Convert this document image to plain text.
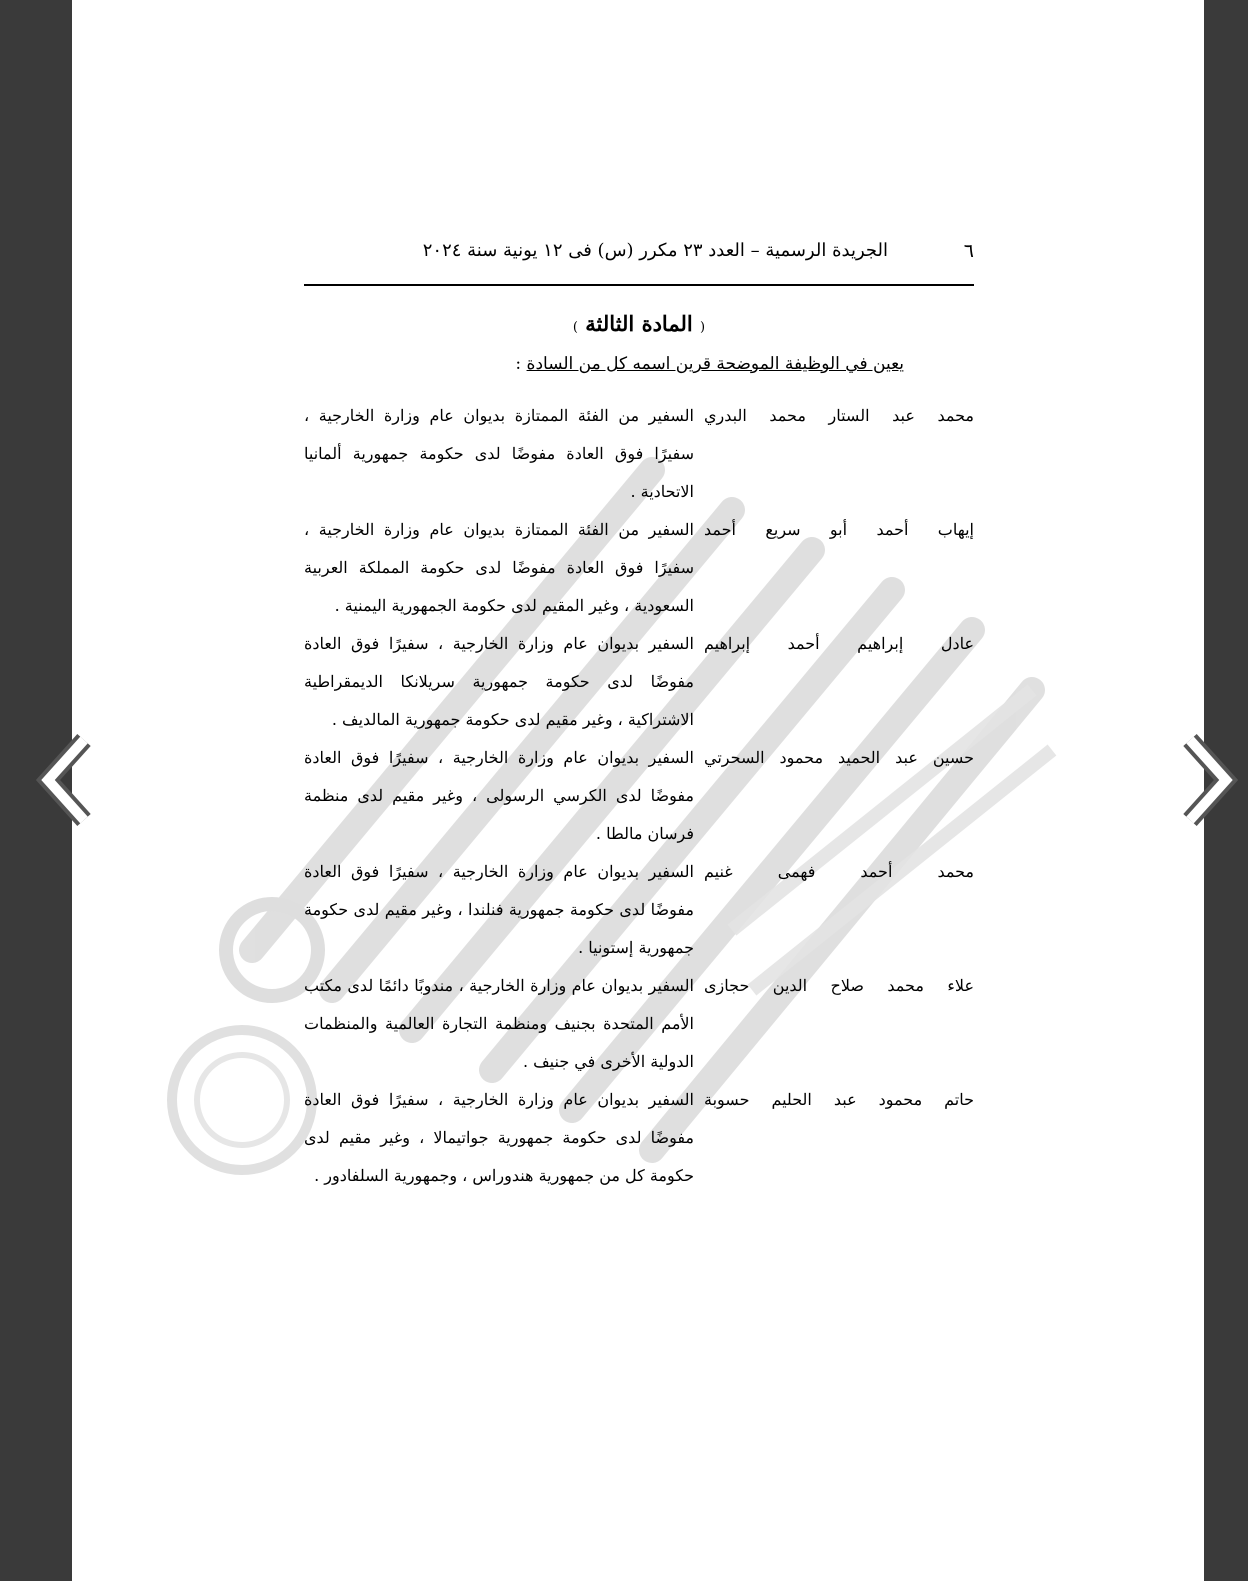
٦
الجريدة الرسمية – العدد ٢٣ مكرر (س) فى ١٢ يونية سنة ٢٠٢٤
( المادة الثالثة )
يعين في الوظيفة الموضحة قرين اسمه كل من السادة :
محمد عبد الستار محمد البدري
السفير من الفئة الممتازة بديوان عام وزارة الخارجية ، سفيرًا فوق العادة مفوضًا لدى حكومة جمهورية ألمانيا الاتحادية .
إيهاب أحمد أبو سريع أحمد
السفير من الفئة الممتازة بديوان عام وزارة الخارجية ، سفيرًا فوق العادة مفوضًا لدى حكومة المملكة العربية السعودية ، وغير المقيم لدى حكومة الجمهورية اليمنية .
عادل إبراهيم أحمد إبراهيم
السفير بديوان عام وزارة الخارجية ، سفيرًا فوق العادة مفوضًا لدى حكومة جمهورية سريلانكا الديمقراطية الاشتراكية ، وغير مقيم لدى حكومة جمهورية المالديف .
حسين عبد الحميد محمود السحرتي
السفير بديوان عام وزارة الخارجية ، سفيرًا فوق العادة مفوضًا لدى الكرسي الرسولى ، وغير مقيم لدى منظمة فرسان مالطا .
محمد أحمد فهمى غنيم
السفير بديوان عام وزارة الخارجية ، سفيرًا فوق العادة مفوضًا لدى حكومة جمهورية فنلندا ، وغير مقيم لدى حكومة جمهورية إستونيا .
علاء محمد صلاح الدين حجازى
السفير بديوان عام وزارة الخارجية ، مندوبًا دائمًا لدى مكتب الأمم المتحدة بجنيف ومنظمة التجارة العالمية والمنظمات الدولية الأخرى في جنيف .
حاتم محمود عبد الحليم حسوبة
السفير بديوان عام وزارة الخارجية ، سفيرًا فوق العادة مفوضًا لدى حكومة جمهورية جواتيمالا ، وغير مقيم لدى حكومة كل من جمهورية هندوراس ، وجمهورية السلفادور .
